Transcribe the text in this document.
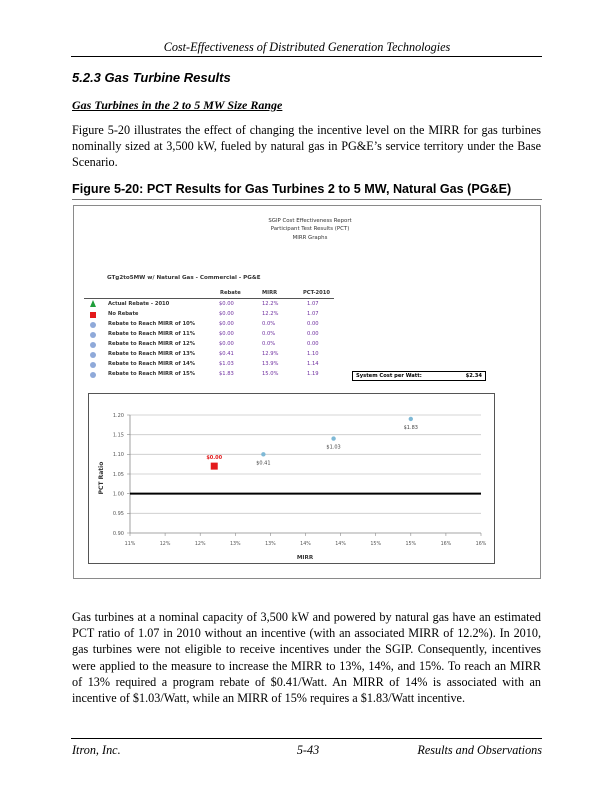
Cost-Effectiveness of Distributed Generation Technologies
5.2.3 Gas Turbine Results
Gas Turbines in the 2 to 5 MW Size Range
Figure 5-20 illustrates the effect of changing the incentive level on the MIRR for gas turbines nominally sized at 3,500 kW, fueled by natural gas in PG&E’s service territory under the Base Scenario.
Figure 5-20: PCT Results for Gas Turbines 2 to 5 MW, Natural Gas (PG&E)
SGIP Cost Effectiveness Report
Participant Test Results (PCT)
MIRR Graphs
GTg2to5MW w/ Natural Gas - Commercial - PG&E
Rebate	MIRR	PCT-2010
Actual Rebate - 2010	$0.00	12.2%	1.07
No Rebate	$0.00	12.2%	1.07
Rebate to Reach MIRR of 10%	$0.00	0.0%	0.00
Rebate to Reach MIRR of 11%	$0.00	0.0%	0.00
Rebate to Reach MIRR of 12%	$0.00	0.0%	0.00
Rebate to Reach MIRR of 13%	$0.41	12.9%	1.10
Rebate to Reach MIRR of 14%	$1.03	13.9%	1.14
Rebate to Reach MIRR of 15%	$1.83	15.0%	1.19	System Cost per Watt:	$2.34
0.90
0.95
1.00
1.05
1.10
1.15
1.20
11%	12%	12%	13%	13%	14%	14%	15%	15%	16%	16%
$0.00
$0.41
$1.03
$1.83
PCT Ratio
MIRR
Gas turbines at a nominal capacity of 3,500 kW and powered by natural gas have an estimated PCT ratio of 1.07 in 2010 without an incentive (with an associated MIRR of 12.2%). In 2010, gas turbines were not eligible to receive incentives under the SGIP. Consequently, incentives were applied to the measure to increase the MIRR to 13%, 14%, and 15%. To reach an MIRR of 13% required a program rebate of $0.41/Watt. An MIRR of 14% is associated with an incentive of $1.03/Watt, while an MIRR of 15% requires a $1.83/Watt incentive.
Itron, Inc.	5-43	Results and Observations
